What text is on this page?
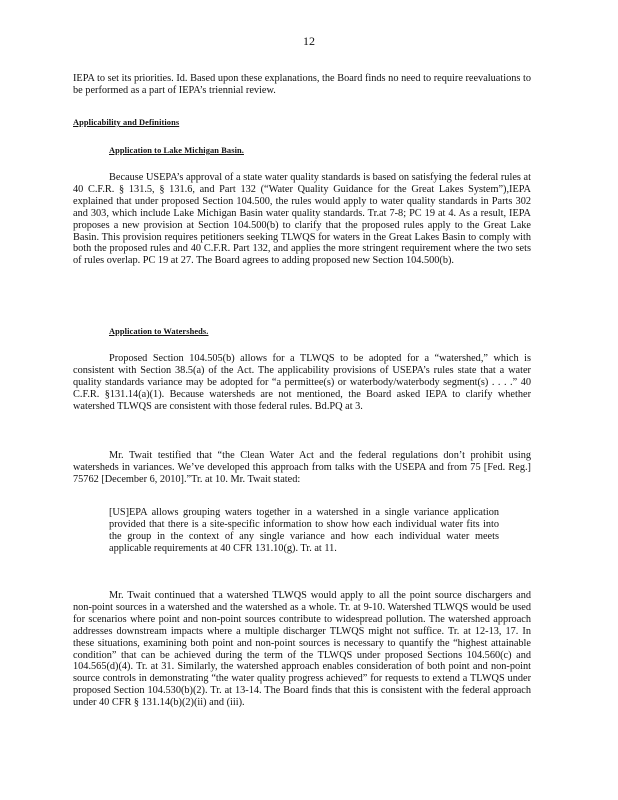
12

IEPA to set its priorities. Id. Based upon these explanations, the Board finds no need to require reevaluations to be performed as a part of IEPA’s triennial review.

Applicability and Definitions
Application to Lake Michigan Basin.

Because USEPA’s approval of a state water quality standards is based on satisfying the federal rules at 40 C.F.R. § 131.5, § 131.6, and Part 132 (“Water Quality Guidance for the Great Lakes System”),IEPA explained that under proposed Section 104.500, the rules would apply to water quality standards in Parts 302 and 303, which include Lake Michigan Basin water quality standards. Tr.at 7-8; PC 19 at 4. As a result, IEPA proposes a new provision at Section 104.500(b) to clarify that the proposed rules apply to the Great Lake Basin. This provision requires petitioners seeking TLWQS for waters in the Great Lakes Basin to comply with both the proposed rules and 40 C.F.R. Part 132, and applies the more stringent requirement where the two sets of rules overlap. PC 19 at 27. The Board agrees to adding proposed new Section 104.500(b).

Application to Watersheds.

Proposed Section 104.505(b) allows for a TLWQS to be adopted for a “watershed,” which is consistent with Section 38.5(a) of the Act. The applicability provisions of USEPA’s rules state that a water quality standards variance may be adopted for “a permittee(s) or waterbody/waterbody segment(s) . . . .” 40 C.F.R. §131.14(a)(1). Because watersheds are not mentioned, the Board asked IEPA to clarify whether watershed TLWQS are consistent with those federal rules. Bd.PQ at 3.

Mr. Twait testified that “the Clean Water Act and the federal regulations don’t prohibit using watersheds in variances. We’ve developed this approach from talks with the USEPA and from 75 [Fed. Reg.] 75762 [December 6, 2010].”Tr. at 10. Mr. Twait stated:

[US]EPA allows grouping waters together in a watershed in a single variance application provided that there is a site-specific information to show how each individual water fits into the group in the context of any single variance and how each individual water meets applicable requirements at 40 CFR 131.10(g). Tr. at 11.

Mr. Twait continued that a watershed TLWQS would apply to all the point source dischargers and non-point sources in a watershed and the watershed as a whole. Tr. at 9-10. Watershed TLWQS would be used for scenarios where point and non-point sources contribute to widespread pollution. The watershed approach addresses downstream impacts where a multiple discharger TLWQS might not suffice. Tr. at 12-13, 17. In these situations, examining both point and non-point sources is necessary to quantify the “highest attainable condition” that can be achieved during the term of the TLWQS under proposed Sections 104.560(c) and 104.565(d)(4). Tr. at 31. Similarly, the watershed approach enables consideration of both point and non-point source controls in demonstrating “the water quality progress achieved” for requests to extend a TLWQS under proposed Section 104.530(b)(2). Tr. at 13-14. The Board finds that this is consistent with the federal approach under 40 CFR § 131.14(b)(2)(ii) and (iii).
